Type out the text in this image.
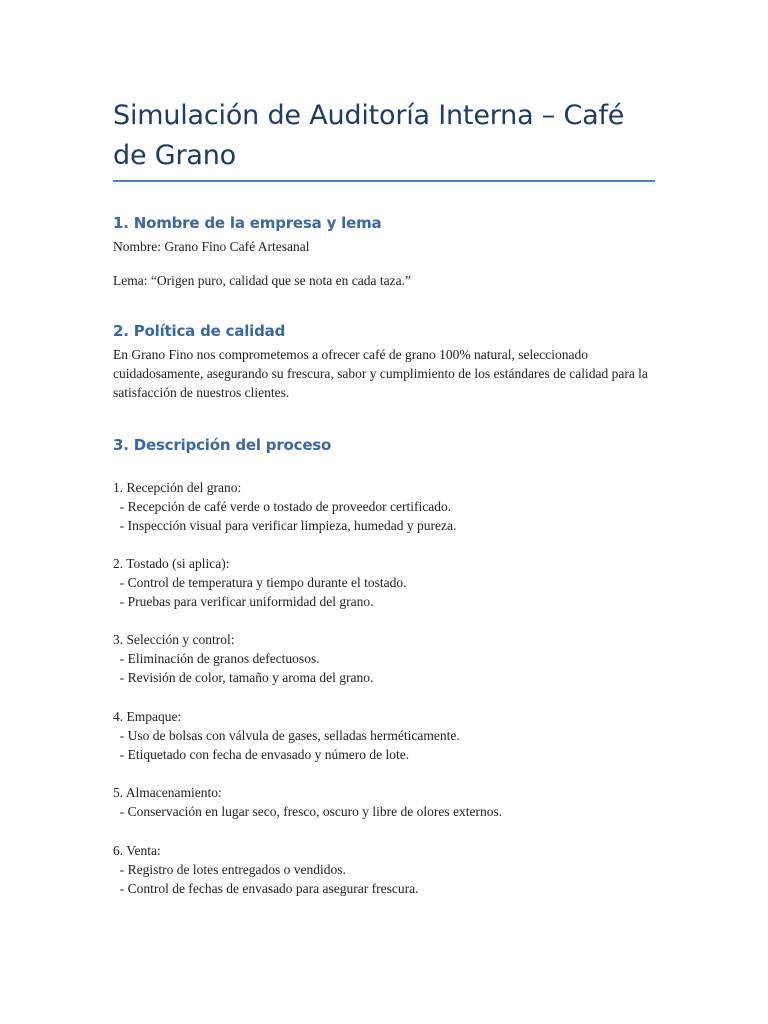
Simulación de Auditoría Interna – Café de Grano
1. Nombre de la empresa y lema

Nombre: Grano Fino Café Artesanal

Lema: “Origen puro, calidad que se nota en cada taza.”

2. Política de calidad

En Grano Fino nos comprometemos a ofrecer café de grano 100% natural, seleccionado cuidadosamente, asegurando su frescura, sabor y cumplimiento de los estándares de calidad para la satisfacción de nuestros clientes.

3. Descripción del proceso
1. Recepción del grano:
- Recepción de café verde o tostado de proveedor certificado.
- Inspección visual para verificar limpieza, humedad y pureza.
2. Tostado (si aplica):
- Control de temperatura y tiempo durante el tostado.
- Pruebas para verificar uniformidad del grano.
3. Selección y control:
- Eliminación de granos defectuosos.
- Revisión de color, tamaño y aroma del grano.
4. Empaque:
- Uso de bolsas con válvula de gases, selladas herméticamente.
- Etiquetado con fecha de envasado y número de lote.
5. Almacenamiento:
- Conservación en lugar seco, fresco, oscuro y libre de olores externos.
6. Venta:
- Registro de lotes entregados o vendidos.
- Control de fechas de envasado para asegurar frescura.
